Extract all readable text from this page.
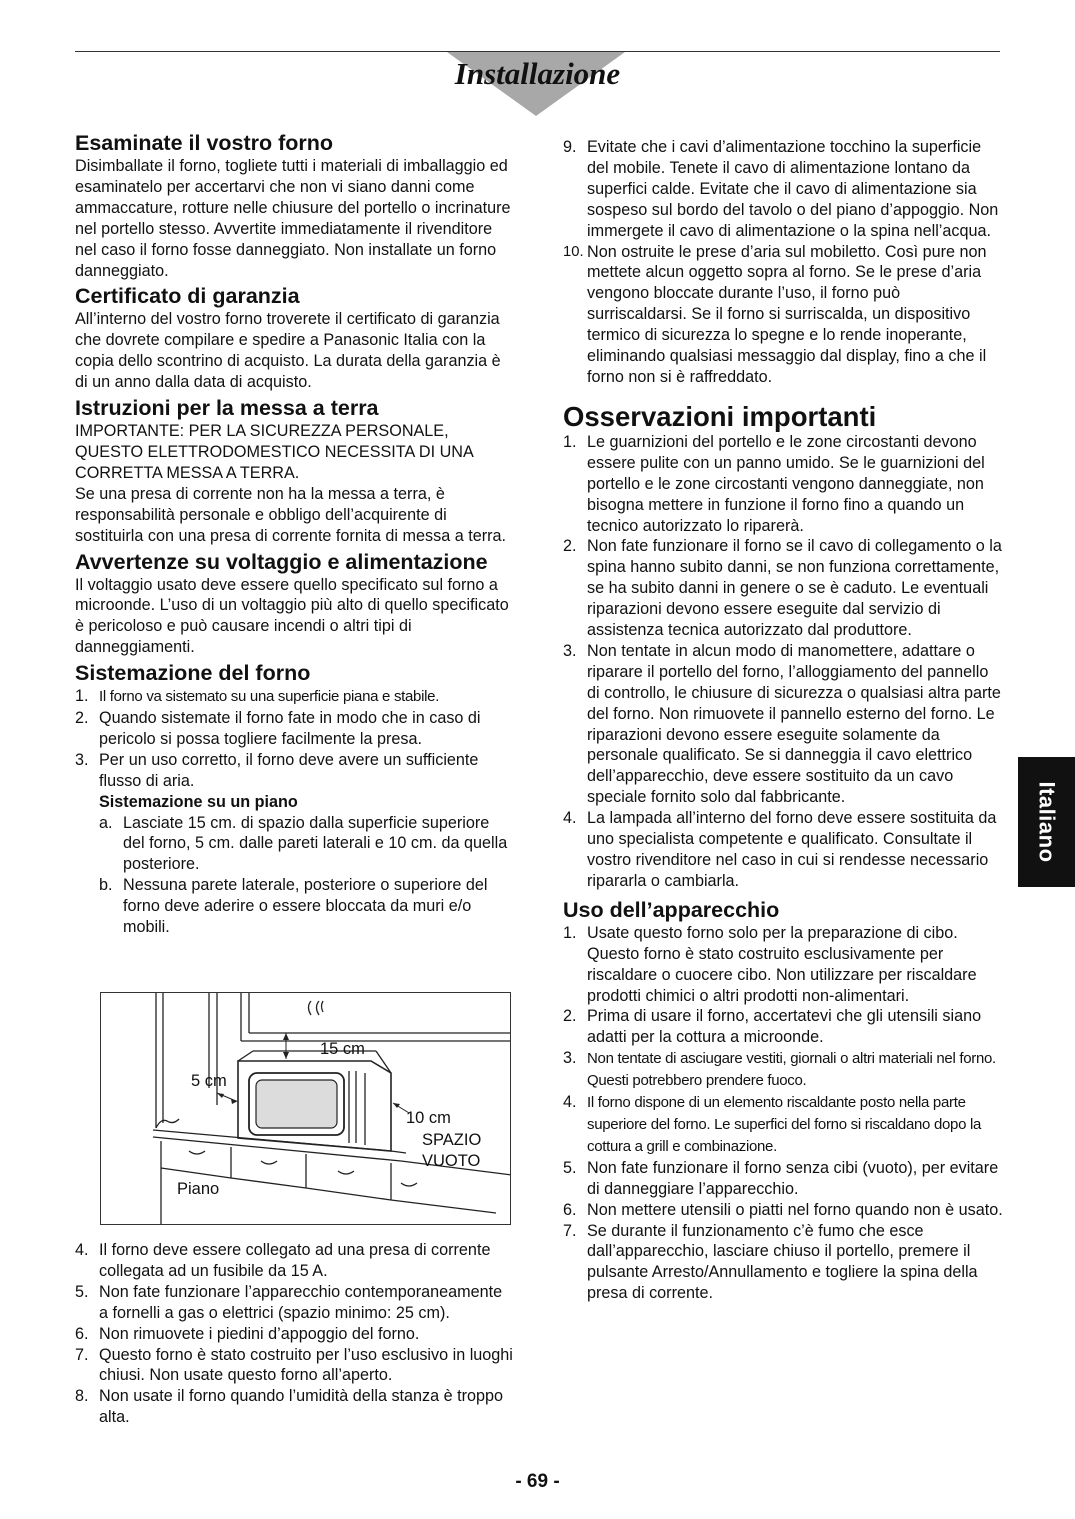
Installazione
Esaminate il vostro forno

Disimballate il forno, togliete tutti i materiali di imballaggio ed esaminatelo per accertarvi che non vi siano danni come ammaccature, rotture nelle chiusure del portello o incrinature nel portello stesso. Avvertite immediatamente il rivenditore nel caso il forno fosse danneggiato. Non installate un forno danneggiato.

Certificato di garanzia

All’interno del vostro forno troverete il certificato di garanzia che dovrete compilare e spedire a Panasonic Italia con la copia dello scontrino di acquisto. La durata della garanzia è di un anno dalla data di acquisto.

Istruzioni per la messa a terra

IMPORTANTE: PER LA SICUREZZA PERSONALE, QUESTO ELETTRODOMESTICO NECESSITA DI UNA CORRETTA MESSA A TERRA.

Se una presa di corrente non ha la messa a terra, è responsabilità personale e obbligo dell’acquirente di sostituirla con una presa di corrente fornita di messa a terra.

Avvertenze su voltaggio e alimentazione

Il voltaggio usato deve essere quello specificato sul forno a microonde. L’uso di un voltaggio più alto di quello specificato è pericoloso e può causare incendi o altri tipi di danneggiamenti.

Sistemazione del forno
1. Il forno va sistemato su una superficie piana e stabile.
2. Quando sistemate il forno fate in modo che in caso di pericolo si possa togliere facilmente la presa.
3. Per un uso corretto, il forno deve avere un sufficiente flusso di aria.
Sistemazione su un piano
a. Lasciate 15 cm. di spazio dalla superficie superiore del forno, 5 cm. dalle pareti laterali e 10 cm. da quella posteriore.
b. Nessuna parete laterale, posteriore o superiore del forno deve aderire o essere bloccata da muri e/o mobili.
15 cm
5 cm
10 cm
SPAZIO
VUOTO
Piano
4. Il forno deve essere collegato ad una presa di corrente collegata ad un fusibile da 15 A.
5. Non fate funzionare l’apparecchio contemporaneamente a fornelli a gas o elettrici (spazio minimo: 25 cm).
6. Non rimuovete i piedini d’appoggio del forno.
7. Questo forno è stato costruito per l’uso esclusivo in luoghi chiusi. Non usate questo forno all’aperto.
8. Non usate il forno quando l’umidità della stanza è troppo alta.
9. Evitate che i cavi d’alimentazione tocchino la superficie del mobile. Tenete il cavo di alimentazione lontano da superfici calde. Evitate che il cavo di alimentazione sia sospeso sul bordo del tavolo o del piano d’appoggio. Non immergete il cavo di alimentazione o la spina nell’acqua.
10. Non ostruite le prese d’aria sul mobiletto. Così pure non mettete alcun oggetto sopra al forno. Se le prese d’aria vengono bloccate durante l’uso, il forno può surriscaldarsi. Se il forno si surriscalda, un dispositivo termico di sicurezza lo spegne e lo rende inoperante, eliminando qualsiasi messaggio dal display, fino a che il forno non si è raffreddato.
Osservazioni importanti
1. Le guarnizioni del portello e le zone circostanti devono essere pulite con un panno umido. Se le guarnizioni del portello e le zone circostanti vengono danneggiate, non bisogna mettere in funzione il forno fino a quando un tecnico autorizzato lo riparerà.
2. Non fate funzionare il forno se il cavo di collegamento o la spina hanno subito danni, se non funziona correttamente, se ha subito danni in genere o se è caduto. Le eventuali riparazioni devono essere eseguite dal servizio di assistenza tecnica autorizzato dal produttore.
3. Non tentate in alcun modo di manomettere, adattare o riparare il portello del forno, l’alloggiamento del pannello di controllo, le chiusure di sicurezza o qualsiasi altra parte del forno. Non rimuovete il pannello esterno del forno. Le riparazioni devono essere eseguite solamente da personale qualificato. Se si danneggia il cavo elettrico dell’apparecchio, deve essere sostituito da un cavo speciale fornito solo dal fabbricante.
4. La lampada all’interno del forno deve essere sostituita da uno specialista competente e qualificato. Consultate il vostro rivenditore nel caso in cui si rendesse necessario ripararla o cambiarla.
Uso dell’apparecchio
1. Usate questo forno solo per la preparazione di cibo. Questo forno è stato costruito esclusivamente per riscaldare o cuocere cibo. Non utilizzare per riscaldare prodotti chimici o altri prodotti non-alimentari.
2. Prima di usare il forno, accertatevi che gli utensili siano adatti per la cottura a microonde.
3. Non tentate di asciugare vestiti, giornali o altri materiali nel forno. Questi potrebbero prendere fuoco.
4. Il forno dispone di un elemento riscaldante posto nella parte superiore del forno. Le superfici del forno si riscaldano dopo la cottura a grill e combinazione.
5. Non fate funzionare il forno senza cibi (vuoto), per evitare di danneggiare l’apparecchio.
6. Non mettere utensili o piatti nel forno quando non è usato.
7. Se durante il funzionamento c’è fumo che esce dall’apparecchio, lasciare chiuso il portello, premere il pulsante Arresto/Annullamento e togliere la spina della presa di corrente.
Italiano
- 69 -
